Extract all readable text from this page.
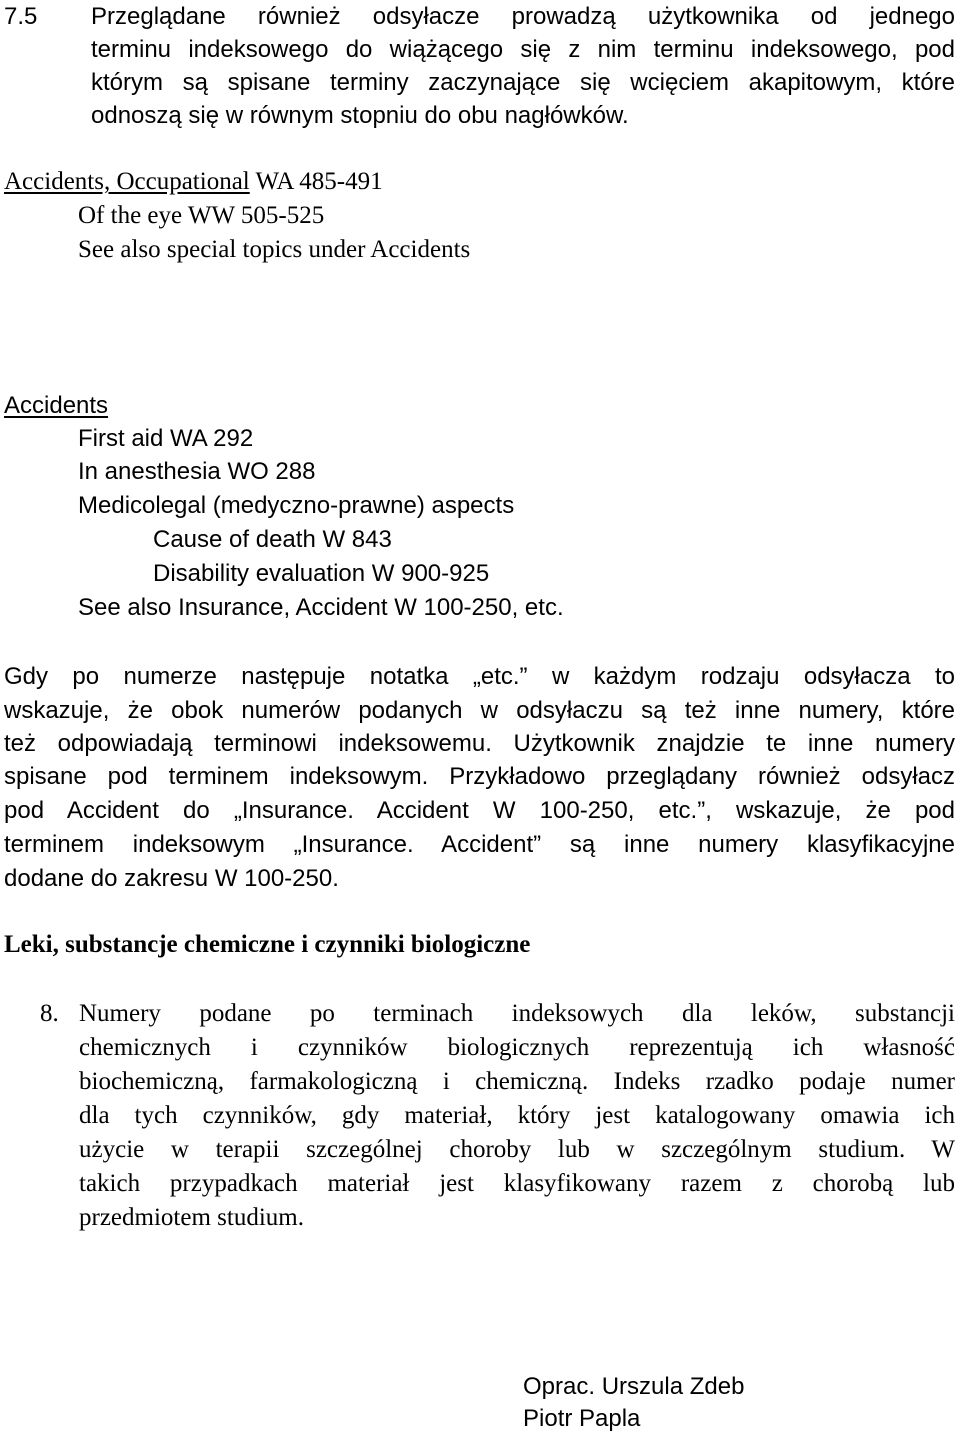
7.5 Przeglądane również odsyłacze prowadzą użytkownika od jednego
terminu indeksowego do wiążącego się z nim terminu indeksowego, pod
którym są spisane terminy zaczynające się wcięciem akapitowym, które
odnoszą się w równym stopniu do obu nagłówków.
Accidents, Occupational WA 485-491
Of the eye WW 505-525
See also special topics under Accidents
Accidents
First aid WA 292
In anesthesia WO 288
Medicolegal (medyczno-prawne) aspects
Cause of death W 843
Disability evaluation W 900-925
See also Insurance, Accident W 100-250, etc.
Gdy po numerze następuje notatka „etc.” w każdym rodzaju odsyłacza to
wskazuje, że obok numerów podanych w odsyłaczu są też inne numery, które
też odpowiadają terminowi indeksowemu. Użytkownik znajdzie te inne numery
spisane pod terminem indeksowym. Przykładowo przeglądany również odsyłacz
pod Accident do „Insurance. Accident W 100-250, etc.”, wskazuje, że pod
terminem indeksowym „Insurance. Accident” są inne numery klasyfikacyjne
dodane do zakresu W 100-250.
Leki, substancje chemiczne i czynniki biologiczne
8. Numery podane po terminach indeksowych dla leków, substancji
chemicznych i czynników biologicznych reprezentują ich własność
biochemiczną, farmakologiczną i chemiczną. Indeks rzadko podaje numer
dla tych czynników, gdy materiał, który jest katalogowany omawia ich
użycie w terapii szczególnej choroby lub w szczególnym studium. W
takich przypadkach materiał jest klasyfikowany razem z chorobą lub
przedmiotem studium.
Oprac. Urszula Zdeb
Piotr Papla
